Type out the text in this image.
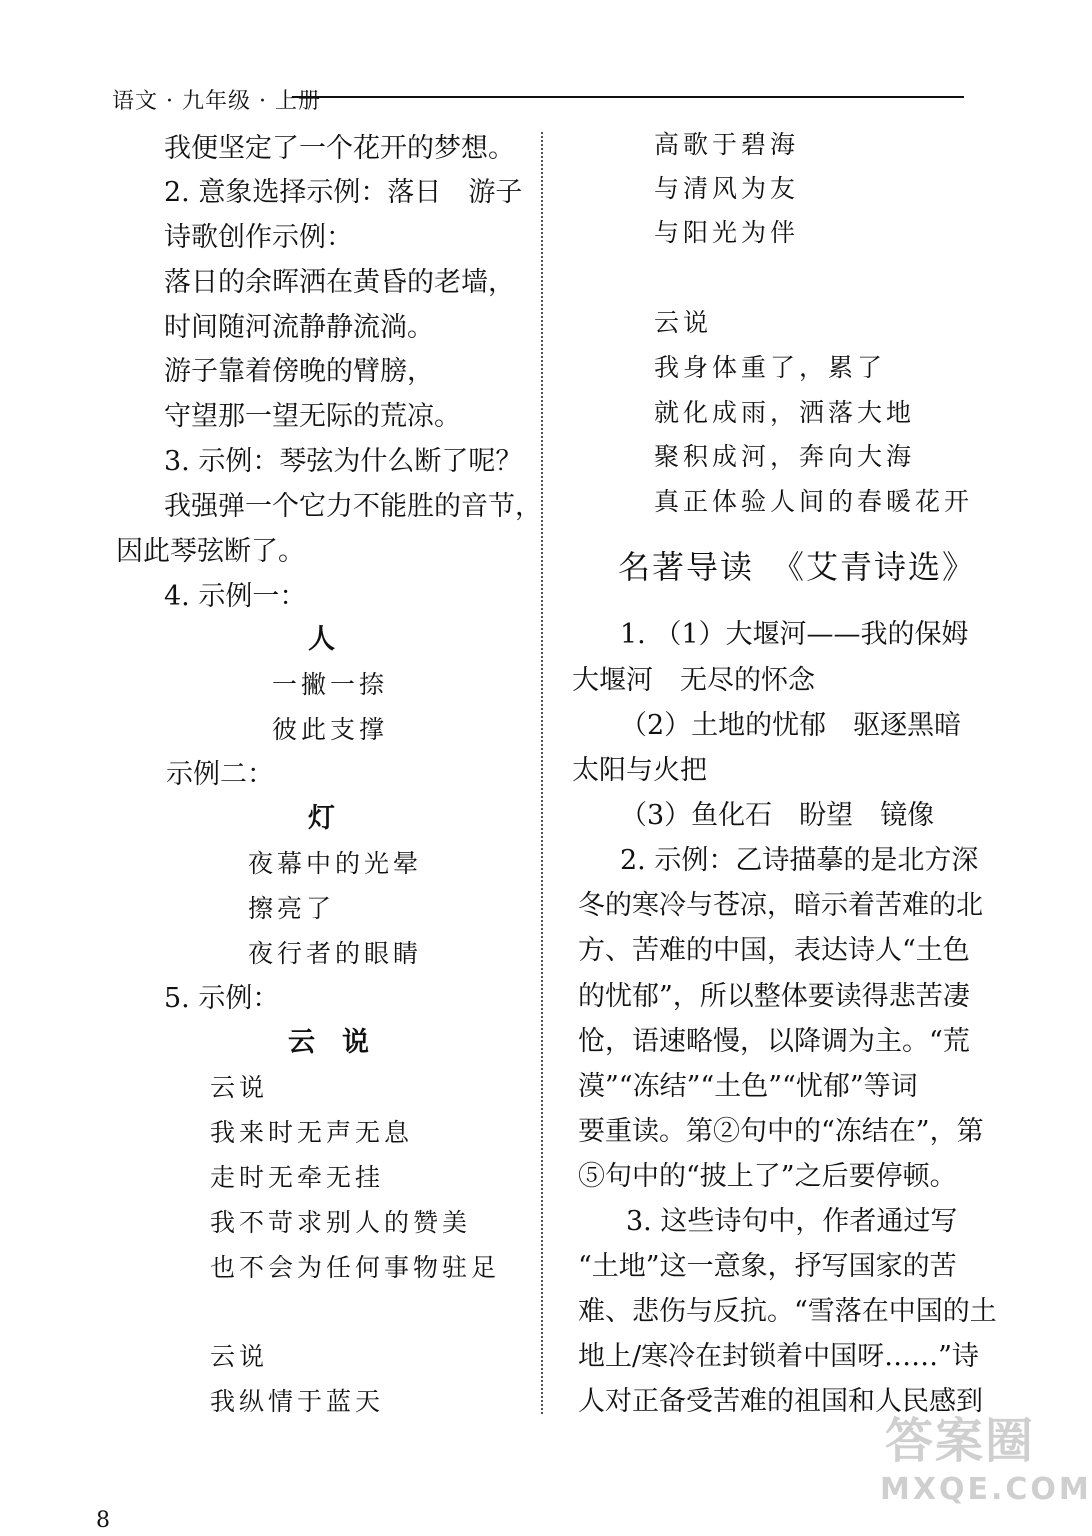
语文 · 九年级 · 上册
我便坚定了一个花开的梦想。
2. 意象选择示例：落日　游子
诗歌创作示例：
落日的余晖洒在黄昏的老墙，
时间随河流静静流淌。
游子靠着傍晚的臂膀，
守望那一望无际的荒凉。
3. 示例：琴弦为什么断了呢？
我强弹一个它力不能胜的音节，
因此琴弦断了。
4. 示例一：
人
一撇一捺
彼此支撑
示例二：
灯
夜幕中的光晕
擦亮了
夜行者的眼睛
5. 示例：
云　说
云说
我来时无声无息
走时无牵无挂
我不苛求别人的赞美
也不会为任何事物驻足
云说
我纵情于蓝天
高歌于碧海
与清风为友
与阳光为伴
云说
我身体重了，累了
就化成雨，洒落大地
聚积成河，奔向大海
真正体验人间的春暖花开
名著导读　《艾青诗选》
1. （1）大堰河——我的保姆
大堰河　无尽的怀念
（2）土地的忧郁　驱逐黑暗
太阳与火把
（3）鱼化石　盼望　镜像
2. 示例：乙诗描摹的是北方深
冬的寒冷与苍凉，暗示着苦难的北
方、苦难的中国，表达诗人“土色
的忧郁”，所以整体要读得悲苦凄
怆，语速略慢，以降调为主。“荒
漠”“冻结”“土色”“忧郁”等词
要重读。第②句中的“冻结在”，第
⑤句中的“披上了”之后要停顿。
3. 这些诗句中，作者通过写
“土地”这一意象，抒写国家的苦
难、悲伤与反抗。“雪落在中国的土
地上/寒冷在封锁着中国呀……”诗
人对正备受苦难的祖国和人民感到
8
答案圈
MXQE.COM
